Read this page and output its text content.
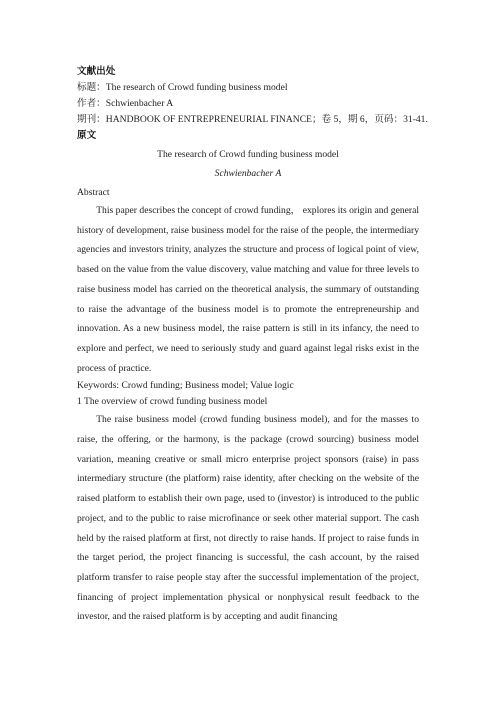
文献出处
标题：The research of Crowd funding business model
作者：Schwienbacher A
期刊：HANDBOOK OF ENTREPRENEURIAL FINANCE；卷 5，期 6，页码：31-41.
原文
The research of Crowd funding business model
Schwienbacher A
Abstract

This paper describes the concept of crowd funding， explores its origin and general history of development, raise business model for the raise of the people, the intermediary agencies and investors trinity, analyzes the structure and process of logical point of view, based on the value from the value discovery, value matching and value for three levels to raise business model has carried on the theoretical analysis, the summary of outstanding to raise the advantage of the business model is to promote the entrepreneurship and innovation. As a new business model, the raise pattern is still in its infancy, the need to explore and perfect, we need to seriously study and guard against legal risks exist in the process of practice.

Keywords: Crowd funding; Business model; Value logic

1 The overview of crowd funding business model

The raise business model (crowd funding business model), and for the masses to raise, the offering, or the harmony, is the package (crowd sourcing) business model variation, meaning creative or small micro enterprise project sponsors (raise) in pass intermediary structure (the platform) raise identity, after checking on the website of the raised platform to establish their own page, used to (investor) is introduced to the public project, and to the public to raise microfinance or seek other material support. The cash held by the raised platform at first, not directly to raise hands. If project to raise funds in the target period, the project financing is successful, the cash account, by the raised platform transfer to raise people stay after the successful implementation of the project, financing of project implementation physical or nonphysical result feedback to the investor, and the raised platform is by accepting and audit financing
